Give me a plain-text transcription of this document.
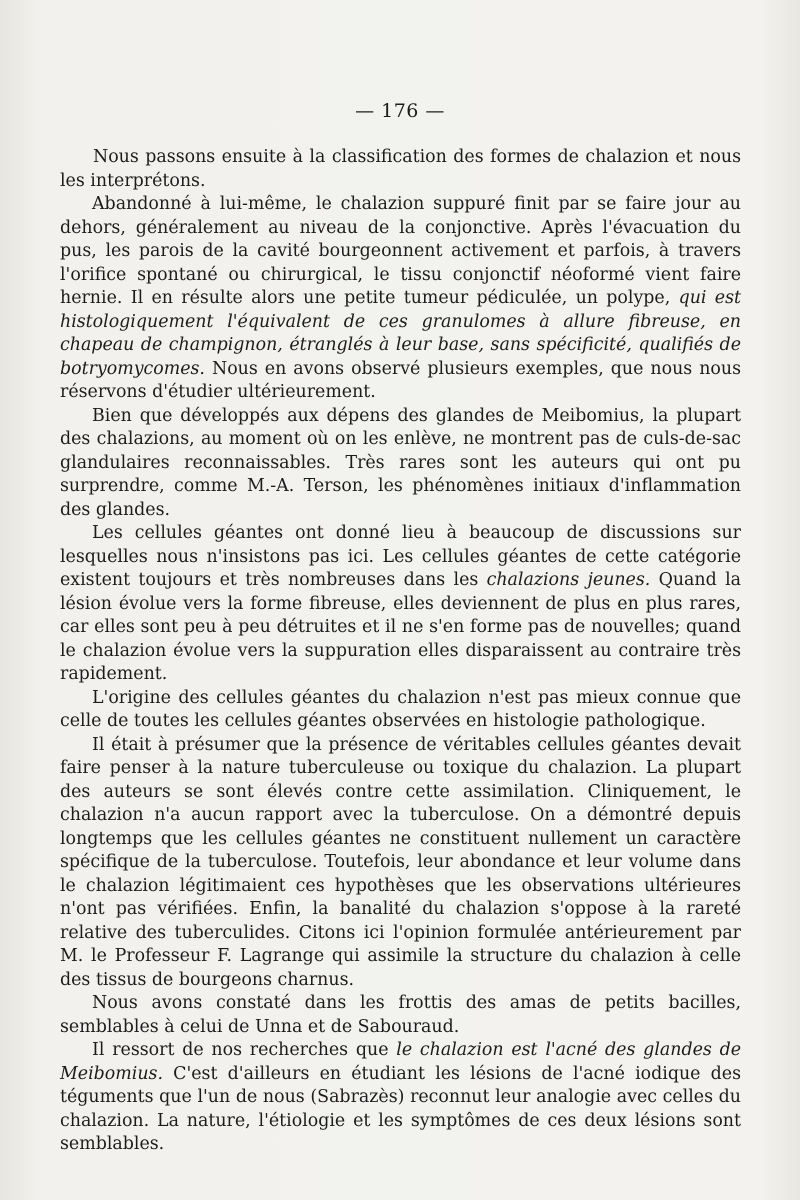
— 176 —

Nous passons ensuite à la classification des formes de chalazion et nous les interprétons.

Abandonné à lui-même, le chalazion suppuré finit par se faire jour au dehors, généralement au niveau de la conjonctive. Après l'évacuation du pus, les parois de la cavité bourgeonnent activement et parfois, à travers l'orifice spontané ou chirurgical, le tissu conjonctif néoformé vient faire hernie. Il en résulte alors une petite tumeur pédiculée, un polype, qui est histologiquement l'équivalent de ces granulomes à allure fibreuse, en chapeau de champignon, étranglés à leur base, sans spécificité, qualifiés de botryomycomes. Nous en avons observé plusieurs exemples, que nous nous réservons d'étudier ultérieurement.

Bien que développés aux dépens des glandes de Meibomius, la plupart des chalazions, au moment où on les enlève, ne montrent pas de culs-de-sac glandulaires reconnaissables. Très rares sont les auteurs qui ont pu surprendre, comme M.-A. Terson, les phénomènes initiaux d'inflammation des glandes.

Les cellules géantes ont donné lieu à beaucoup de discussions sur lesquelles nous n'insistons pas ici. Les cellules géantes de cette catégorie existent toujours et très nombreuses dans les chalazions jeunes. Quand la lésion évolue vers la forme fibreuse, elles deviennent de plus en plus rares, car elles sont peu à peu détruites et il ne s'en forme pas de nouvelles; quand le chalazion évolue vers la suppuration elles disparaissent au contraire très rapidement.

L'origine des cellules géantes du chalazion n'est pas mieux connue que celle de toutes les cellules géantes observées en histologie pathologique.

Il était à présumer que la présence de véritables cellules géantes devait faire penser à la nature tuberculeuse ou toxique du chalazion. La plupart des auteurs se sont élevés contre cette assimilation. Cliniquement, le chalazion n'a aucun rapport avec la tuberculose. On a démontré depuis longtemps que les cellules géantes ne constituent nullement un caractère spécifique de la tuberculose. Toutefois, leur abondance et leur volume dans le chalazion légitimaient ces hypothèses que les observations ultérieures n'ont pas vérifiées. Enfin, la banalité du chalazion s'oppose à la rareté relative des tuberculides. Citons ici l'opinion formulée antérieurement par M. le Professeur F. Lagrange qui assimile la structure du chalazion à celle des tissus de bourgeons charnus.

Nous avons constaté dans les frottis des amas de petits bacilles, semblables à celui de Unna et de Sabouraud.

Il ressort de nos recherches que le chalazion est l'acné des glandes de Meibomius. C'est d'ailleurs en étudiant les lésions de l'acné iodique des téguments que l'un de nous (Sabrazès) reconnut leur analogie avec celles du chalazion. La nature, l'étiologie et les symptômes de ces deux lésions sont semblables.
